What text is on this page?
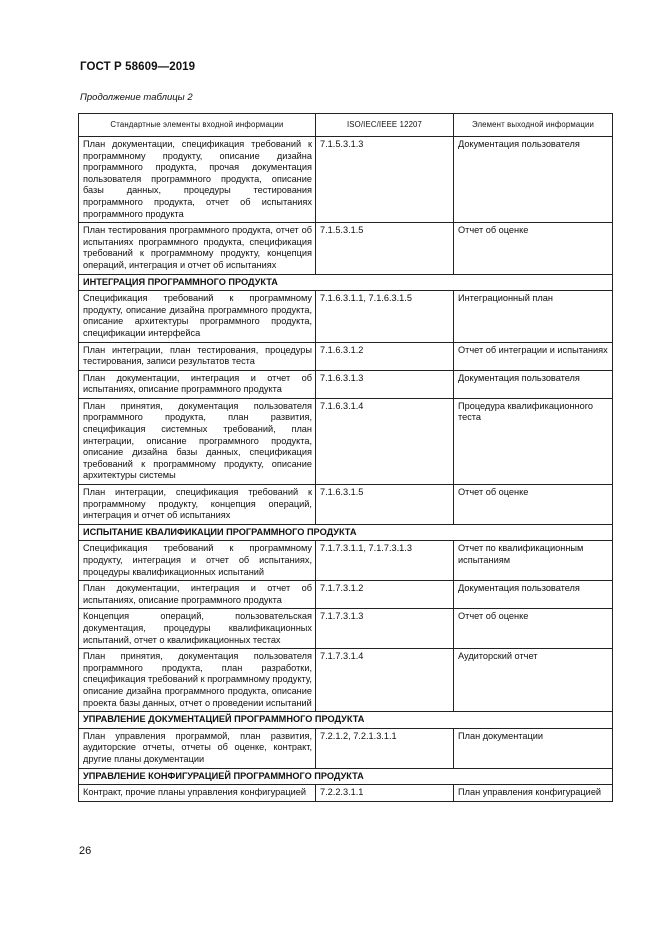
ГОСТ Р 58609—2019
Продолжение таблицы 2
Стандартные элементы входной информации	ISO/IEC/IEEE 12207	Элемент выходной информации
План документации, спецификация требований к программному продукту, описание дизайна программного продукта, прочая документация пользователя программного продукта, описание базы данных, процедуры тестирования программного продукта, отчет об испытаниях программного продукта	7.1.5.3.1.3	Документация пользователя
План тестирования программного продукта, отчет об испытаниях программного продукта, спецификация требований к программному продукту, концепция операций, интеграция и отчет об испытаниях	7.1.5.3.1.5	Отчет об оценке
ИНТЕГРАЦИЯ ПРОГРАММНОГО ПРОДУКТА		
Спецификация требований к программному продукту, описание дизайна программного продукта, описание архитектуры программного продукта, спецификации интерфейса	7.1.6.3.1.1, 7.1.6.3.1.5	Интеграционный план
План интеграции, план тестирования, процедуры тестирования, записи результатов теста	7.1.6.3.1.2	Отчет об интеграции и испытаниях
План документации, интеграция и отчет об испытаниях, описание программного продукта	7.1.6.3.1.3	Документация пользователя
План принятия, документация пользователя программного продукта, план развития, спецификация системных требований, план интеграции, описание программного продукта, описание дизайна базы данных, спецификация требований к программному продукту, описание архитектуры системы	7.1.6.3.1.4	Процедура квалификационного теста
План интеграции, спецификация требований к программному продукту, концепция операций, интеграция и отчет об испытаниях	7.1.6.3.1.5	Отчет об оценке
ИСПЫТАНИЕ КВАЛИФИКАЦИИ ПРОГРАММНОГО ПРОДУКТА		
Спецификация требований к программному продукту, интеграция и отчет об испытаниях, процедуры квалификационных испытаний	7.1.7.3.1.1, 7.1.7.3.1.3	Отчет по квалификационным испытаниям
План документации, интеграция и отчет об испытаниях, описание программного продукта	7.1.7.3.1.2	Документация пользователя
Концепция операций, пользовательская документация, процедуры квалификационных испытаний, отчет о квалификационных тестах	7.1.7.3.1.3	Отчет об оценке
План принятия, документация пользователя программного продукта, план разработки, спецификация требований к программному продукту, описание дизайна программного продукта, описание проекта базы данных, отчет о проведении испытаний	7.1.7.3.1.4	Аудиторский отчет
УПРАВЛЕНИЕ ДОКУМЕНТАЦИЕЙ ПРОГРАММНОГО ПРОДУКТА		
План управления программой, план развития, аудиторские отчеты, отчеты об оценке, контракт, другие планы документации	7.2.1.2, 7.2.1.3.1.1	План документации
УПРАВЛЕНИЕ КОНФИГУРАЦИЕЙ ПРОГРАММНОГО ПРОДУКТА		
Контракт, прочие планы управления конфигурацией	7.2.2.3.1.1	План управления конфигурацией
26
